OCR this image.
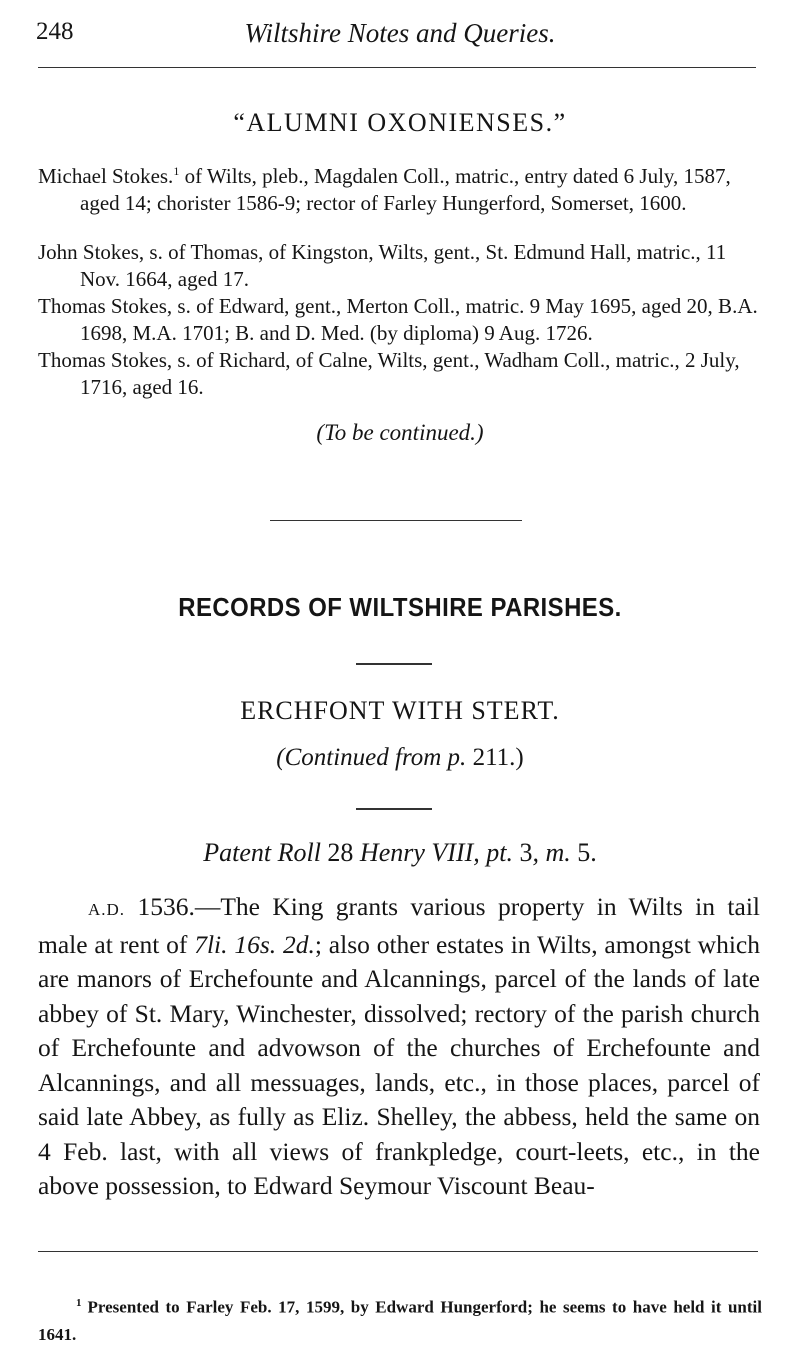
248	Wiltshire Notes and Queries.
“ALUMNI OXONIENSES.”
Michael Stokes.$^1$ of Wilts, pleb., Magdalen Coll., matric., entry dated 6 July, 1587, aged 14; chorister 1586-9; rector of Farley Hungerford, Somerset, 1600.
John Stokes, s. of Thomas, of Kingston, Wilts, gent., St. Edmund Hall, matric., 11 Nov. 1664, aged 17.
Thomas Stokes, s. of Edward, gent., Merton Coll., matric. 9 May 1695, aged 20, B.A. 1698, M.A. 1701; B. and D. Med. (by diploma) 9 Aug. 1726.
Thomas Stokes, s. of Richard, of Calne, Wilts, gent., Wadham Coll., matric., 2 July, 1716, aged 16.
(To be continued.)
RECORDS OF WILTSHIRE PARISHES.
ERCHFONT WITH STERT.
(Continued from p. 211.)
Patent Roll 28 Henry VIII, pt. 3, m. 5.
A.D. 1536.—The King grants various property in Wilts in tail male at rent of 7li. 16s. 2d.; also other estates in Wilts, amongst which are manors of Erchefounte and Alcannings, parcel of the lands of late abbey of St. Mary, Winchester, dissolved; rectory of the parish church of Erchefounte and advowson of the churches of Erchefounte and Alcannings, and all messuages, lands, etc., in those places, parcel of said late Abbey, as fully as Eliz. Shelley, the abbess, held the same on 4 Feb. last, with all views of frankpledge, court-leets, etc., in the above possession, to Edward Seymour Viscount Beau-
$^1$ Presented to Farley Feb. 17, 1599, by Edward Hungerford; he seems to have held it until 1641.
